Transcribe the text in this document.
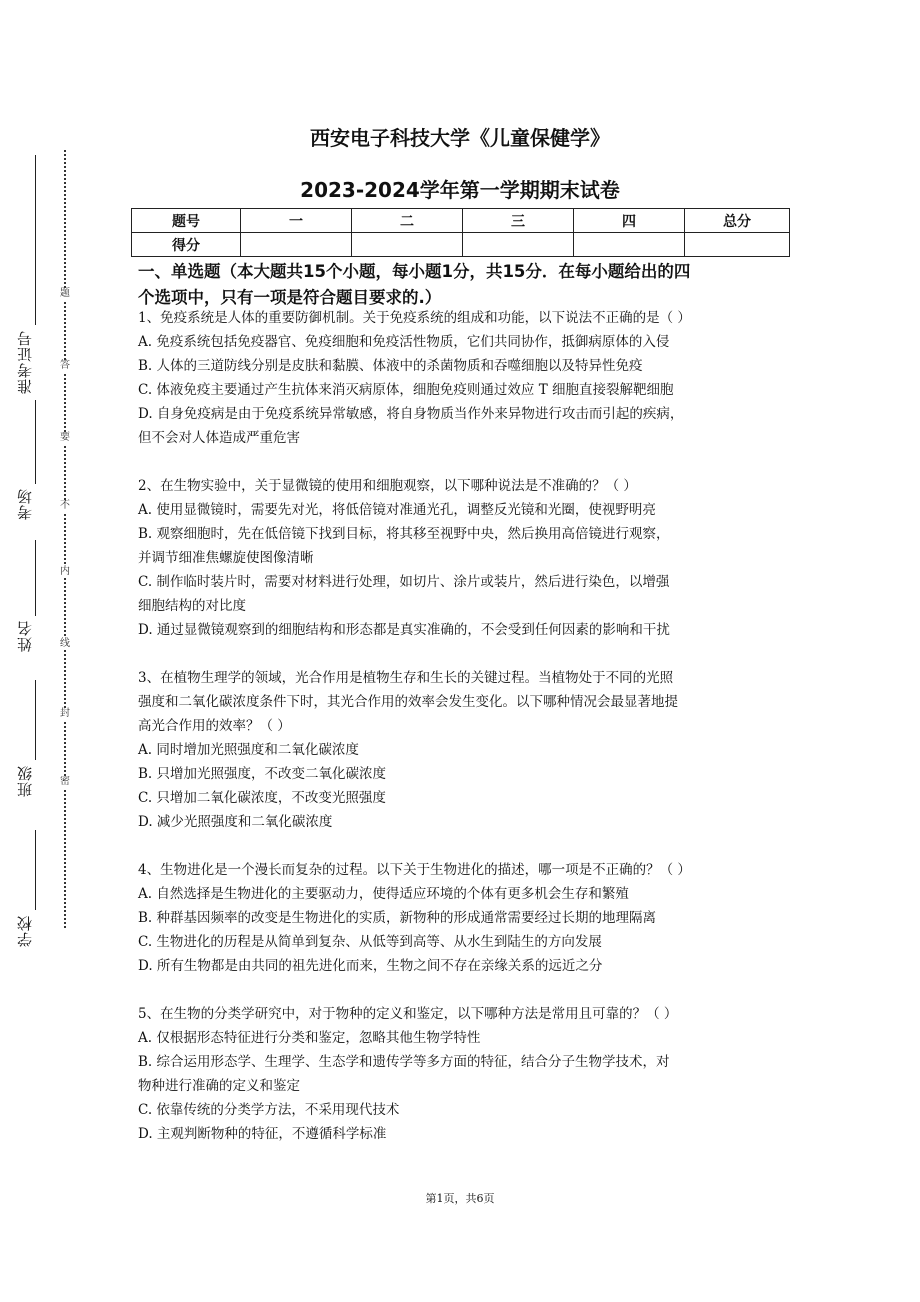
准考证号
考场
姓名
班级
学校
题
答
要
不
内
线
封
密
西安电子科技大学《儿童保健学》
2023-2024学年第一学期期末试卷
题号	一	二	三	四	总分
得分					
一、单选题（本大题共15个小题，每小题1分，共15分．在每小题给出的四
个选项中，只有一项是符合题目要求的.）

1、免疫系统是人体的重要防御机制。关于免疫系统的组成和功能，以下说法不正确的是（ ）

A. 免疫系统包括免疫器官、免疫细胞和免疫活性物质，它们共同协作，抵御病原体的入侵

B. 人体的三道防线分别是皮肤和黏膜、体液中的杀菌物质和吞噬细胞以及特异性免疫

C. 体液免疫主要通过产生抗体来消灭病原体，细胞免疫则通过效应 T 细胞直接裂解靶细胞

D. 自身免疫病是由于免疫系统异常敏感，将自身物质当作外来异物进行攻击而引起的疾病，

但不会对人体造成严重危害

2、在生物实验中，关于显微镜的使用和细胞观察，以下哪种说法是不准确的？（ ）

A. 使用显微镜时，需要先对光，将低倍镜对准通光孔，调整反光镜和光圈，使视野明亮

B. 观察细胞时，先在低倍镜下找到目标，将其移至视野中央，然后换用高倍镜进行观察，

并调节细准焦螺旋使图像清晰

C. 制作临时装片时，需要对材料进行处理，如切片、涂片或装片，然后进行染色，以增强

细胞结构的对比度

D. 通过显微镜观察到的细胞结构和形态都是真实准确的，不会受到任何因素的影响和干扰

3、在植物生理学的领域，光合作用是植物生存和生长的关键过程。当植物处于不同的光照

强度和二氧化碳浓度条件下时，其光合作用的效率会发生变化。以下哪种情况会最显著地提

高光合作用的效率？（ ）

A. 同时增加光照强度和二氧化碳浓度

B. 只增加光照强度，不改变二氧化碳浓度

C. 只增加二氧化碳浓度，不改变光照强度

D. 减少光照强度和二氧化碳浓度

4、生物进化是一个漫长而复杂的过程。以下关于生物进化的描述，哪一项是不正确的？（ ）

A. 自然选择是生物进化的主要驱动力，使得适应环境的个体有更多机会生存和繁殖

B. 种群基因频率的改变是生物进化的实质，新物种的形成通常需要经过长期的地理隔离

C. 生物进化的历程是从简单到复杂、从低等到高等、从水生到陆生的方向发展

D. 所有生物都是由共同的祖先进化而来，生物之间不存在亲缘关系的远近之分

5、在生物的分类学研究中，对于物种的定义和鉴定，以下哪种方法是常用且可靠的？（ ）

A. 仅根据形态特征进行分类和鉴定，忽略其他生物学特性

B. 综合运用形态学、生理学、生态学和遗传学等多方面的特征，结合分子生物学技术，对

物种进行准确的定义和鉴定

C. 依靠传统的分类学方法，不采用现代技术

D. 主观判断物种的特征，不遵循科学标准

第1页，共6页
